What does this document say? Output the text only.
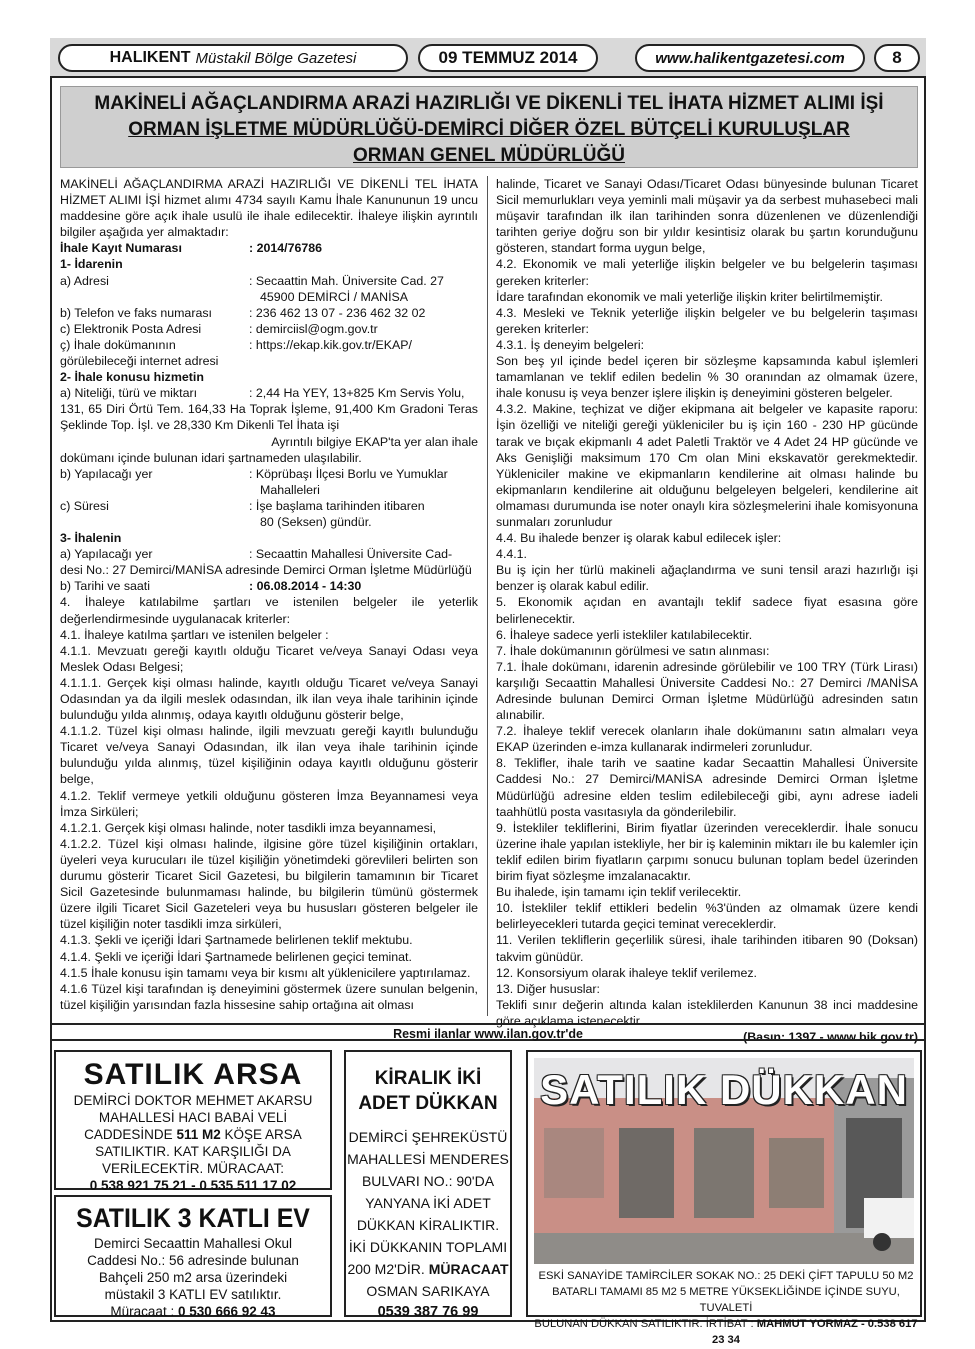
HALIKENT Müstakil Bölge Gazetesi	09 TEMMUZ 2014	www.halikentgazetesi.com	8
MAKİNELİ AĞAÇLANDIRMA ARAZİ HAZIRLIĞI VE DİKENLİ TEL İHATA HİZMET ALIMI İŞİ
ORMAN İŞLETME MÜDÜRLÜĞÜ-DEMİRCİ DİĞER ÖZEL BÜTÇELİ KURULUŞLAR
ORMAN GENEL MÜDÜRLÜĞÜ

MAKİNELİ AĞAÇLANDIRMA ARAZİ HAZIRLIĞI VE DİKENLİ TEL İHATA HİZMET ALIMI İŞİ hizmet alımı 4734 sayılı Kamu İhale Kanununun 19 uncu maddesine göre açık ihale usulü ile ihale edilecektir. İhaleye ilişkin ayrıntılı bilgiler aşağıda yer almaktadır:

İhale Kayıt Numarası	: 2014/76786

1- İdarenin

a) Adresi	: Secaattin Mah. Üniversite Cad. 27

45900 DEMİRCİ / MANİSA

b) Telefon ve faks numarası	: 236 462 13 07 - 236 462 32 02
c) Elektronik Posta Adresi	: demirciisl@ogm.gov.tr
ç) İhale dokümanının	: https://ekap.kik.gov.tr/EKAP/

görülebileceği internet adresi

2- İhale konusu hizmetin

a) Niteliği, türü ve miktarı	: 2,44 Ha YEY, 13+825 Km Servis Yolu,

131, 65 Diri Örtü Tem. 164,33 Ha Toprak İşleme, 91,400 Km Gradoni Teras Şeklinde Top. İşl. ve 28,330 Km Dikenli Tel İhata işi

Ayrıntılı bilgiye EKAP'ta yer alan ihale

dokümanı içinde bulunan idari şartnameden ulaşılabilir.

b) Yapılacağı yer	: Köprübaşı İlçesi Borlu ve Yumuklar

Mahalleleri

c) Süresi	: İşe başlama tarihinden itibaren

80 (Seksen) gündür.

3- İhalenin

a) Yapılacağı yer	: Secaattin Mahallesi Üniversite Cad-

desi No.: 27 Demirci/MANİSA adresinde Demirci Orman İşletme Müdürlüğü

b) Tarihi ve saati	: 06.08.2014 - 14:30

4. İhaleye katılabilme şartları ve istenilen belgeler ile yeterlik değerlendirmesinde uygulanacak kriterler:

4.1. İhaleye katılma şartları ve istenilen belgeler :

4.1.1. Mevzuatı gereği kayıtlı olduğu Ticaret ve/veya Sanayi Odası veya Meslek Odası Belgesi;

4.1.1.1. Gerçek kişi olması halinde, kayıtlı olduğu Ticaret ve/veya Sanayi Odasından ya da ilgili meslek odasından, ilk ilan veya ihale tarihinin içinde bulunduğu yılda alınmış, odaya kayıtlı olduğunu gösterir belge,

4.1.1.2. Tüzel kişi olması halinde, ilgili mevzuatı gereği kayıtlı bulunduğu Ticaret ve/veya Sanayi Odasından, ilk ilan veya ihale tarihinin içinde bulunduğu yılda alınmış, tüzel kişiliğinin odaya kayıtlı olduğunu gösterir belge,

4.1.2. Teklif vermeye yetkili olduğunu gösteren İmza Beyannamesi veya İmza Sirküleri;

4.1.2.1. Gerçek kişi olması halinde, noter tasdikli imza beyannamesi,

4.1.2.2. Tüzel kişi olması halinde, ilgisine göre tüzel kişiliğinin ortakları, üyeleri veya kurucuları ile tüzel kişiliğin yönetimdeki görevlileri belirten son durumu gösterir Ticaret Sicil Gazetesi, bu bilgilerin tamamının bir Ticaret Sicil Gazetesinde bulunmaması halinde, bu bilgilerin tümünü göstermek üzere ilgili Ticaret Sicil Gazeteleri veya bu hususları gösteren belgeler ile tüzel kişiliğin noter tasdikli imza sirküleri,

4.1.3. Şekli ve içeriği İdari Şartnamede belirlenen teklif mektubu.

4.1.4. Şekli ve içeriği İdari Şartnamede belirlenen geçici teminat.

4.1.5 İhale konusu işin tamamı veya bir kısmı alt yüklenicilere yaptırılamaz.

4.1.6 Tüzel kişi tarafından iş deneyimini göstermek üzere sunulan belgenin, tüzel kişiliğin yarısından fazla hissesine sahip ortağına ait olması

halinde, Ticaret ve Sanayi Odası/Ticaret Odası bünyesinde bulunan Ticaret Sicil memurlukları veya yeminli mali müşavir ya da serbest muhasebeci mali müşavir tarafından ilk ilan tarihinden sonra düzenlenen ve düzenlendiği tarihten geriye doğru son bir yıldır kesintisiz olarak bu şartın korunduğunu gösteren, standart forma uygun belge,

4.2. Ekonomik ve mali yeterliğe ilişkin belgeler ve bu belgelerin taşıması gereken kriterler:

İdare tarafından ekonomik ve mali yeterliğe ilişkin kriter belirtilmemiştir.

4.3. Mesleki ve Teknik yeterliğe ilişkin belgeler ve bu belgelerin taşıması gereken kriterler:

4.3.1. İş deneyim belgeleri:

Son beş yıl içinde bedel içeren bir sözleşme kapsamında kabul işlemleri tamamlanan ve teklif edilen bedelin % 30 oranından az olmamak üzere, ihale konusu iş veya benzer işlere ilişkin iş deneyimini gösteren belgeler.

4.3.2. Makine, teçhizat ve diğer ekipmana ait belgeler ve kapasite raporu: İşin özelliği ve niteliği gereği yükleniciler bu iş için 160 - 230 HP gücünde tarak ve bıçak ekipmanlı 4 adet Paletli Traktör ve 4 Adet 24 HP gücünde ve Aks Genişliği maksimum 170 Cm olan Mini ekskavatör gerekmektedir. Yükleniciler makine ve ekipmanların kendilerine ait olması halinde bu ekipmanların kendilerine ait olduğunu belgeleyen belgeleri, kendilerine ait olmaması durumunda ise noter onaylı kira sözleşmelerini ihale komisyonuna sunmaları zorunludur

4.4. Bu ihalede benzer iş olarak kabul edilecek işler:

4.4.1.

Bu iş için her türlü makineli ağaçlandırma ve suni tensil arazi hazırlığı işi benzer iş olarak kabul edilir.

5. Ekonomik açıdan en avantajlı teklif sadece fiyat esasına göre belirlenecektir.

6. İhaleye sadece yerli istekliler katılabilecektir.

7. İhale dokümanının görülmesi ve satın alınması:

7.1. İhale dokümanı, idarenin adresinde görülebilir ve 100 TRY (Türk Lirası) karşılığı Secaattin Mahallesi Üniversite Caddesi No.: 27 Demirci /MANİSA Adresinde bulunan Demirci Orman İşletme Müdürlüğü adresinden satın alınabilir.

7.2. İhaleye teklif verecek olanların ihale dokümanını satın almaları veya EKAP üzerinden e-imza kullanarak indirmeleri zorunludur.

8. Teklifler, ihale tarih ve saatine kadar Secaattin Mahallesi Üniversite Caddesi No.: 27 Demirci/MANİSA adresinde Demirci Orman İşletme Müdürlüğü adresine elden teslim edilebileceği gibi, aynı adrese iadeli taahhütlü posta vasıtasıyla da gönderilebilir.

9. İstekliler tekliflerini, Birim fiyatlar üzerinden vereceklerdir. İhale sonucu üzerine ihale yapılan istekliyle, her bir iş kaleminin miktarı ile bu kalemler için teklif edilen birim fiyatların çarpımı sonucu bulunan toplam bedel üzerinden birim fiyat sözleşme imzalanacaktır.

Bu ihalede, işin tamamı için teklif verilecektir.

10. İstekliler teklif ettikleri bedelin %3'ünden az olmamak üzere kendi belirleyecekleri tutarda geçici teminat vereceklerdir.

11. Verilen tekliflerin geçerlilik süresi, ihale tarihinden itibaren 90 (Doksan) takvim günüdür.

12. Konsorsiyum olarak ihaleye teklif verilemez.

13. Diğer hususlar:

Teklifi sınır değerin altında kalan isteklilerden Kanunun 38 inci maddesine göre açıklama istenecektir.

(Basın: 1397 - www.bik.gov.tr)

Resmi ilanlar www.ilan.gov.tr'de
SATILIK ARSA
DEMİRCİ DOKTOR MEHMET AKARSU
MAHALLESİ HACI BABAİ VELİ
CADDESİNDE 511 M2 KÖŞE ARSA
SATILIKTIR. KAT KARŞILIĞI DA
VERİLECEKTİR. MÜRACAAT:
0 538 921 75 21 - 0 535 511 17 02
SATILIK 3 KATLI EV
Demirci Secaattin Mahallesi Okul
Caddesi No.: 56 adresinde bulunan
Bahçeli 250 m2 arsa üzerindeki
müstakil 3 KATLI EV satılıktır.
Müracaat : 0 530 666 92 43
KİRALIK İKİ
ADET DÜKKAN
DEMİRCİ ŞEHREKÜSTÜ
MAHALLESİ MENDERES
BULVARI NO.: 90'DA
YANYANA İKİ ADET
DÜKKAN KİRALIKTIR.
İKİ DÜKKANIN TOPLAMI
200 M2'DİR. MÜRACAAT
OSMAN SARIKAYA
0539 387 76 99
SATILIK DÜKKAN
ESKİ SANAYİDE TAMİRCİLER SOKAK NO.: 25 DEKİ ÇİFT TAPULU 50 M2
BATARLI TAMAMI 85 M2 5 METRE YÜKSEKLİĞİNDE İÇİNDE SUYU, TUVALETİ
BULUNAN DÜKKAN SATILIKTIR. İRTİBAT : MAHMUT YORMAZ - 0.538 617 23 34
